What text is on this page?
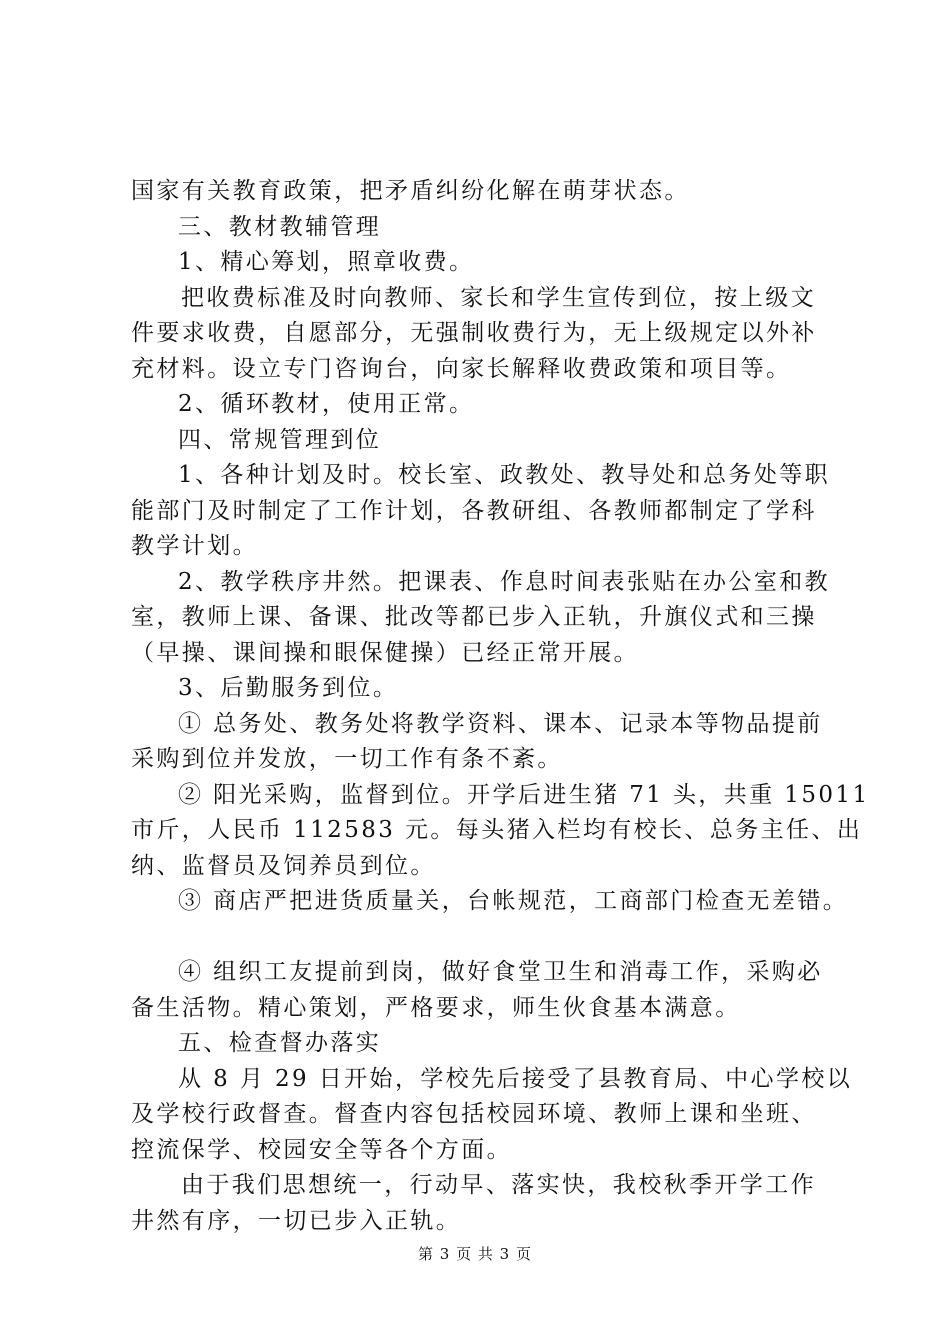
国家有关教育政策，把矛盾纠纷化解在萌芽状态。
三、教材教辅管理
1、精心筹划，照章收费。
把收费标准及时向教师、家长和学生宣传到位，按上级文
件要求收费，自愿部分，无强制收费行为，无上级规定以外补
充材料。设立专门咨询台，向家长解释收费政策和项目等。
2、循环教材，使用正常。
四、常规管理到位
1、各种计划及时。校长室、政教处、教导处和总务处等职
能部门及时制定了工作计划，各教研组、各教师都制定了学科
教学计划。
2、教学秩序井然。把课表、作息时间表张贴在办公室和教
室，教师上课、备课、批改等都已步入正轨，升旗仪式和三操
（早操、课间操和眼保健操）已经正常开展。
3、后勤服务到位。
① 总务处、教务处将教学资料、课本、记录本等物品提前
采购到位并发放，一切工作有条不紊。
② 阳光采购，监督到位。开学后进生猪 71 头，共重 15011
市斤，人民币 112583 元。每头猪入栏均有校长、总务主任、出
纳、监督员及饲养员到位。
③ 商店严把进货质量关，台帐规范，工商部门检查无差错。
④ 组织工友提前到岗，做好食堂卫生和消毒工作，采购必
备生活物。精心策划，严格要求，师生伙食基本满意。
五、检查督办落实
从 8 月 29 日开始，学校先后接受了县教育局、中心学校以
及学校行政督查。督查内容包括校园环境、教师上课和坐班、
控流保学、校园安全等各个方面。
由于我们思想统一，行动早、落实快，我校秋季开学工作
井然有序，一切已步入正轨。
第 3 页 共 3 页
